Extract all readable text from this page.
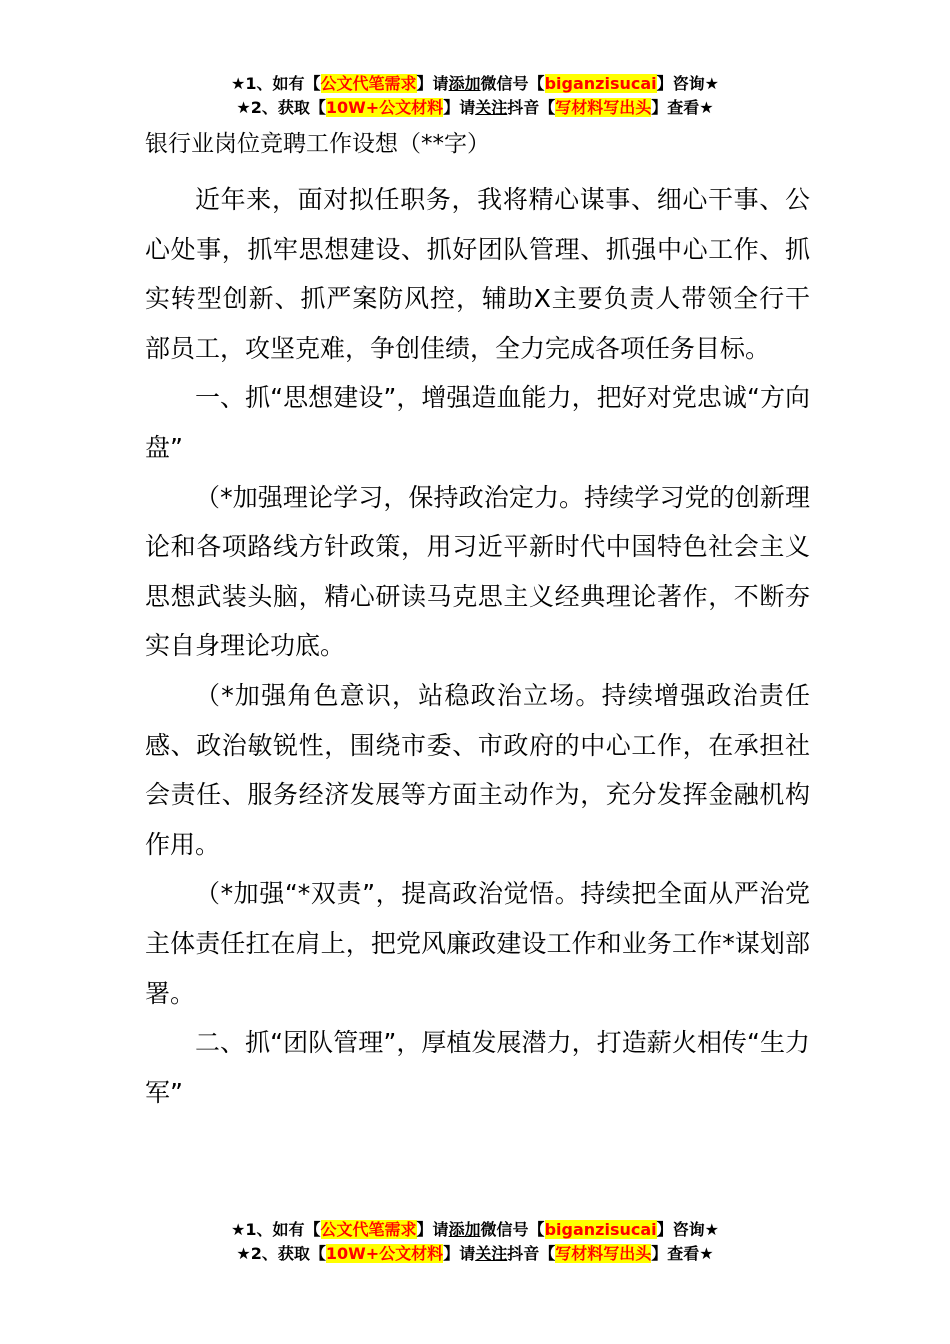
★1、如有【公文代笔需求】请添加微信号【biganzisucai】咨询★
★2、获取【10W+公文材料】请关注抖音【写材料写出头】查看★
银行业岗位竞聘工作设想（**字）

近年来，面对拟任职务，我将精心谋事、细心干事、公心处事，抓牢思想建设、抓好团队管理、抓强中心工作、抓实转型创新、抓严案防风控，辅助X主要负责人带领全行干部员工，攻坚克难，争创佳绩，全力完成各项任务目标。

一、抓“思想建设”，增强造血能力，把好对党忠诚“方向盘”

（*加强理论学习，保持政治定力。持续学习党的创新理论和各项路线方针政策，用习近平新时代中国特色社会主义思想武装头脑，精心研读马克思主义经典理论著作，不断夯实自身理论功底。

（*加强角色意识，站稳政治立场。持续增强政治责任感、政治敏锐性，围绕市委、市政府的中心工作，在承担社会责任、服务经济发展等方面主动作为，充分发挥金融机构作用。

（*加强“*双责”，提高政治觉悟。持续把全面从严治党主体责任扛在肩上，把党风廉政建设工作和业务工作*谋划部署。

二、抓“团队管理”，厚植发展潜力，打造薪火相传“生力军”

★1、如有【公文代笔需求】请添加微信号【biganzisucai】咨询★
★2、获取【10W+公文材料】请关注抖音【写材料写出头】查看★
